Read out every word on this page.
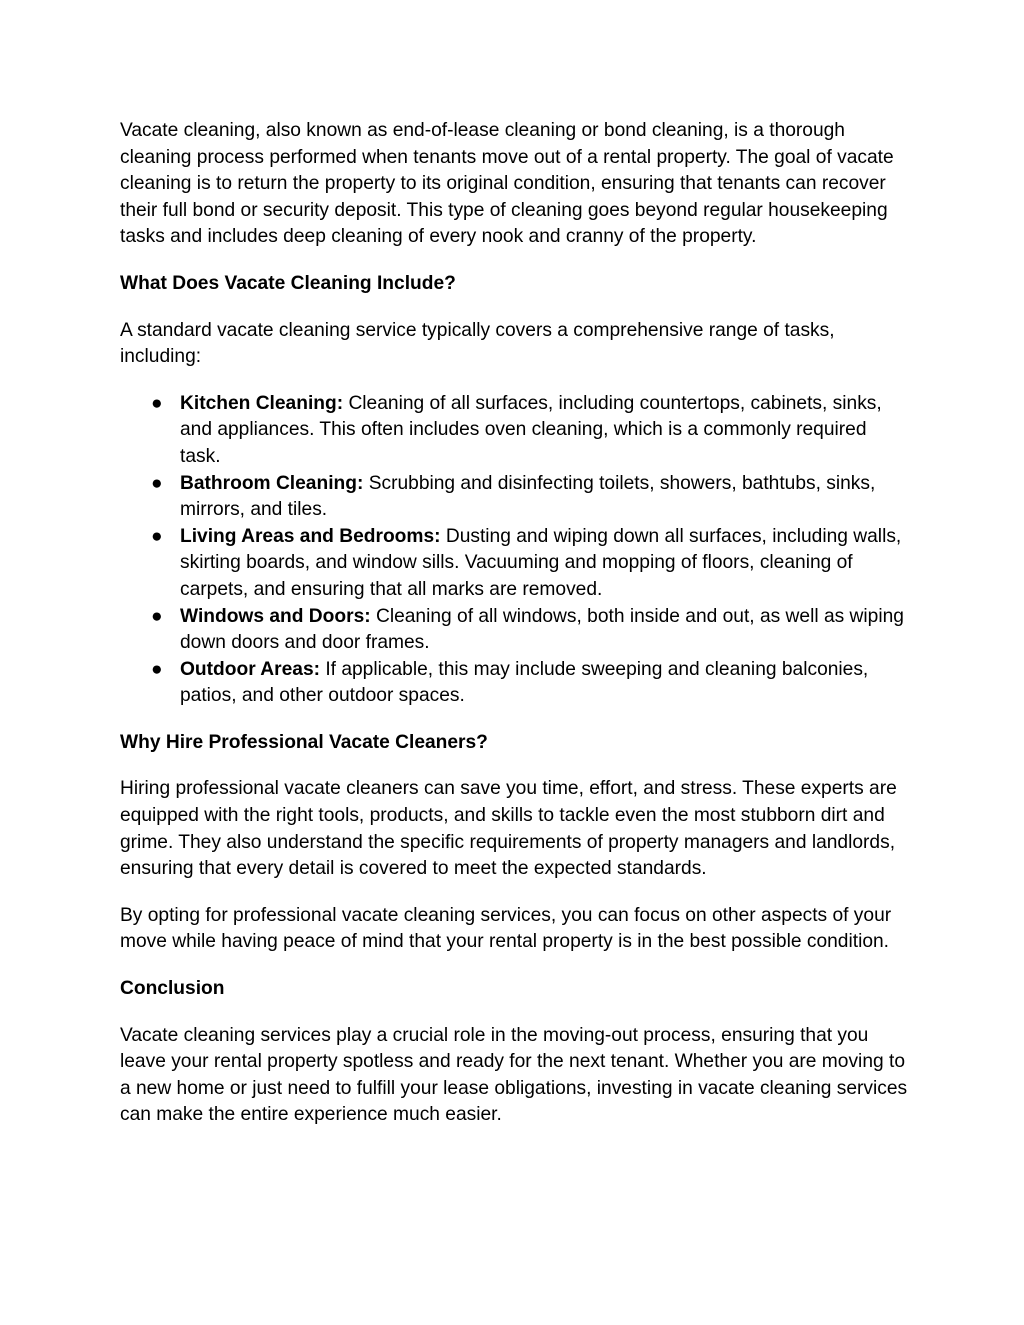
Vacate cleaning, also known as end-of-lease cleaning or bond cleaning, is a thorough cleaning process performed when tenants move out of a rental property. The goal of vacate cleaning is to return the property to its original condition, ensuring that tenants can recover their full bond or security deposit. This type of cleaning goes beyond regular housekeeping tasks and includes deep cleaning of every nook and cranny of the property.

What Does Vacate Cleaning Include?

A standard vacate cleaning service typically covers a comprehensive range of tasks, including:

● Kitchen Cleaning: Cleaning of all surfaces, including countertops, cabinets, sinks, and appliances. This often includes oven cleaning, which is a commonly required task.
● Bathroom Cleaning: Scrubbing and disinfecting toilets, showers, bathtubs, sinks, mirrors, and tiles.
● Living Areas and Bedrooms: Dusting and wiping down all surfaces, including walls, skirting boards, and window sills. Vacuuming and mopping of floors, cleaning of carpets, and ensuring that all marks are removed.
● Windows and Doors: Cleaning of all windows, both inside and out, as well as wiping down doors and door frames.
● Outdoor Areas: If applicable, this may include sweeping and cleaning balconies, patios, and other outdoor spaces.
Why Hire Professional Vacate Cleaners?

Hiring professional vacate cleaners can save you time, effort, and stress. These experts are equipped with the right tools, products, and skills to tackle even the most stubborn dirt and grime. They also understand the specific requirements of property managers and landlords, ensuring that every detail is covered to meet the expected standards.

By opting for professional vacate cleaning services, you can focus on other aspects of your move while having peace of mind that your rental property is in the best possible condition.

Conclusion

Vacate cleaning services play a crucial role in the moving-out process, ensuring that you leave your rental property spotless and ready for the next tenant. Whether you are moving to a new home or just need to fulfill your lease obligations, investing in vacate cleaning services can make the entire experience much easier.
